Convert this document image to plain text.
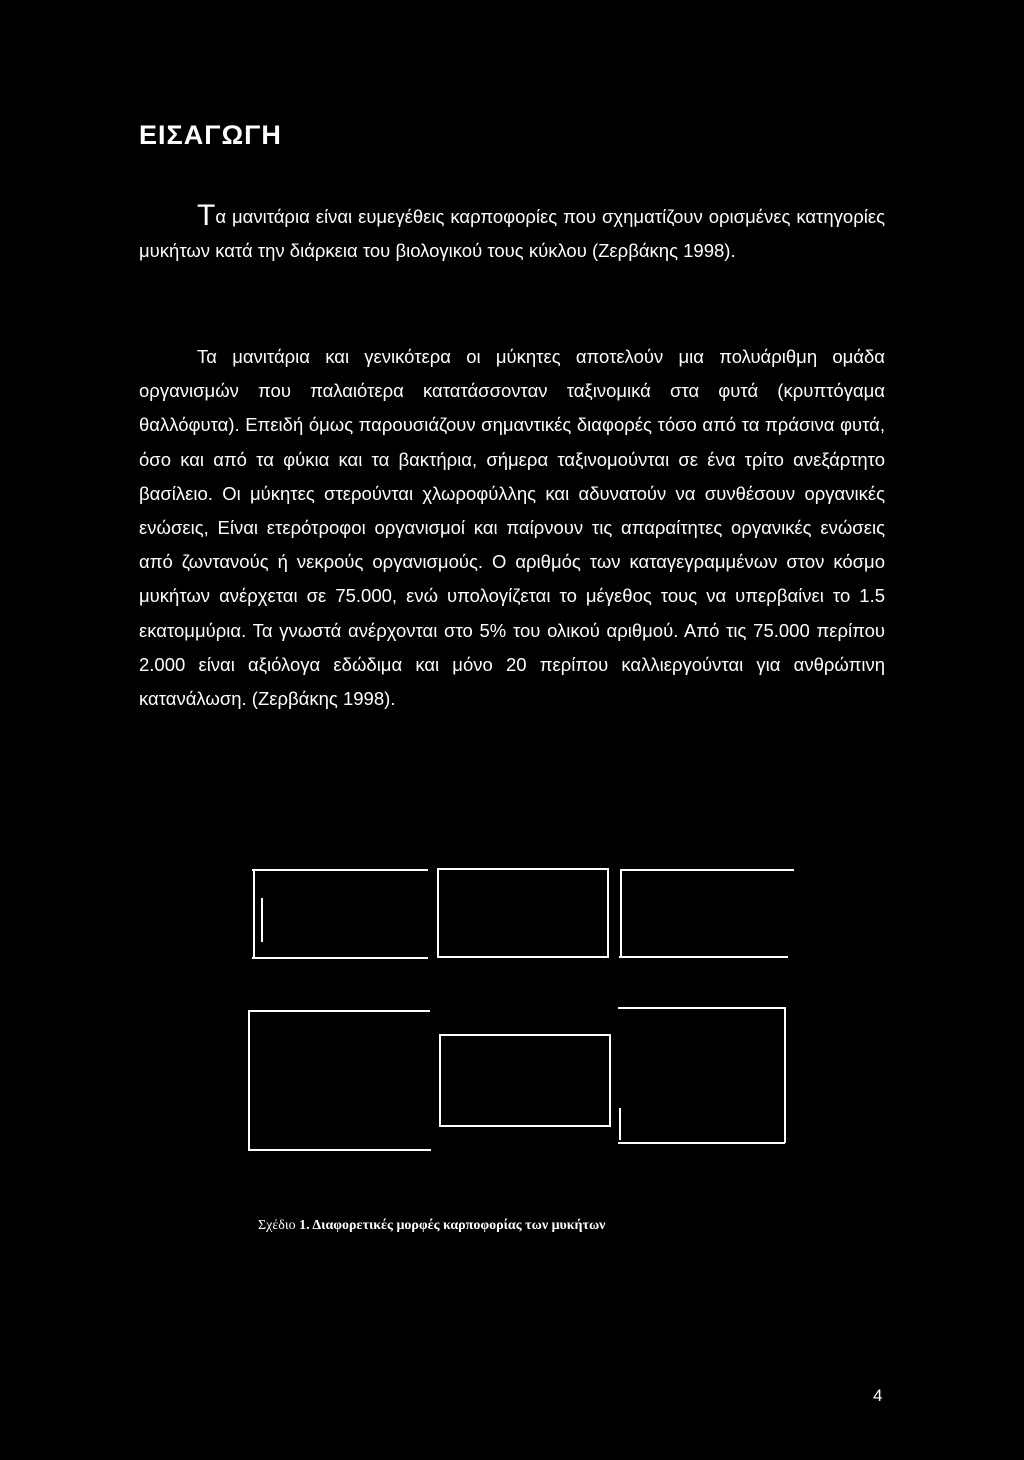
ΕΙΣΑΓΩΓΗ

Τα μανιτάρια είναι ευμεγέθεις καρποφορίες που σχηματίζουν ορισμένες κατηγορίες μυκήτων κατά την διάρκεια του βιολογικού τους κύκλου (Ζερβάκης 1998).

Τα μανιτάρια και γενικότερα οι μύκητες αποτελούν μια πολυάριθμη ομάδα οργανισμών που παλαιότερα κατατάσσονταν ταξινομικά στα φυτά (κρυπτόγαμα θαλλόφυτα). Επειδή όμως παρουσιάζουν σημαντικές διαφορές τόσο από τα πράσινα φυτά, όσο και από τα φύκια και τα βακτήρια, σήμερα ταξινομούνται σε ένα τρίτο ανεξάρτητο βασίλειο. Οι μύκητες στερούνται χλωροφύλλης και αδυνατούν να συνθέσουν οργανικές ενώσεις, Είναι ετερότροφοι οργανισμοί και παίρνουν τις απαραίτητες οργανικές ενώσεις από ζωντανούς ή νεκρούς οργανισμούς. Ο αριθμός των καταγεγραμμένων στον κόσμο μυκήτων ανέρχεται σε 75.000, ενώ υπολογίζεται το μέγεθος τους να υπερβαίνει το 1.5 εκατομμύρια. Τα γνωστά ανέρχονται στο 5% του ολικού αριθμού. Από τις 75.000 περίπου 2.000 είναι αξιόλογα εδώδιμα και μόνο 20 περίπου καλλιεργούνται για ανθρώπινη κατανάλωση. (Ζερβάκης 1998).

Σχέδιο 1. Διαφορετικές μορφές καρποφορίας των μυκήτων
4
